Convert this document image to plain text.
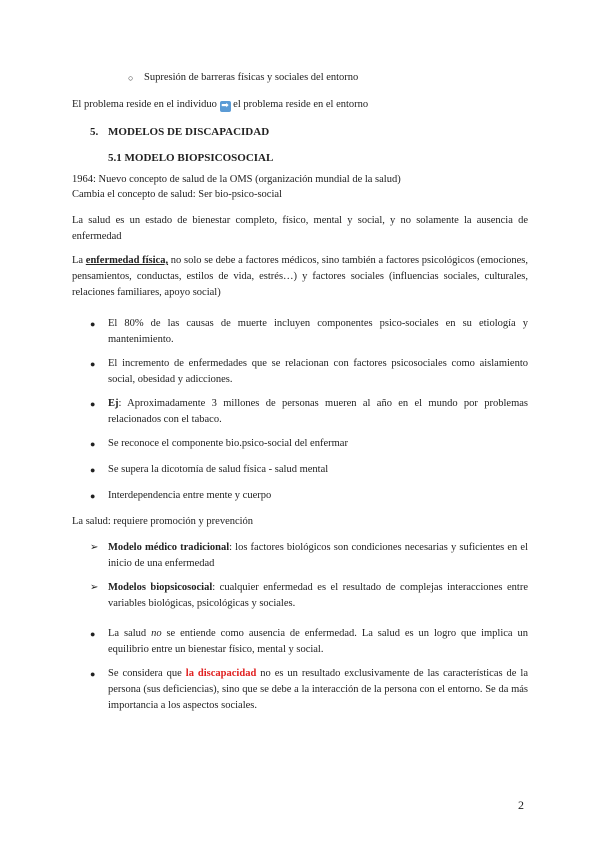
○ Supresión de barreras físicas y sociales del entorno
El problema reside en el individuo ➡ el problema reside en el entorno
5. MODELOS DE DISCAPACIDAD
5.1 MODELO BIOPSICOSOCIAL
1964: Nuevo concepto de salud de la OMS (organización mundial de la salud)
Cambia el concepto de salud: Ser bio-psico-social
La salud es un estado de bienestar completo, físico, mental y social, y no solamente la ausencia de enfermedad
La enfermedad física, no solo se debe a factores médicos, sino también a factores psicológicos (emociones, pensamientos, conductas, estilos de vida, estrés…) y factores sociales (influencias sociales, culturales, relaciones familiares, apoyo social)
● El 80% de las causas de muerte incluyen componentes psico-sociales en su etiología y mantenimiento.
● El incremento de enfermedades que se relacionan con factores psicosociales como aislamiento social, obesidad y adicciones.
● Ej: Aproximadamente 3 millones de personas mueren al año en el mundo por problemas relacionados con el tabaco.
● Se reconoce el componente bio.psico-social del enfermar
● Se supera la dicotomía de salud física - salud mental
● Interdependencia entre mente y cuerpo
La salud: requiere promoción y prevención
➢ Modelo médico tradicional: los factores biológicos son condiciones necesarias y suficientes en el inicio de una enfermedad
➢ Modelos biopsicosocial: cualquier enfermedad es el resultado de complejas interacciones entre variables biológicas, psicológicas y sociales.
● La salud no se entiende como ausencia de enfermedad. La salud es un logro que implica un equilibrio entre un bienestar físico, mental y social.
● Se considera que la discapacidad no es un resultado exclusivamente de las características de la persona (sus deficiencias), sino que se debe a la interacción de la persona con el entorno. Se da más importancia a los aspectos sociales.
2
